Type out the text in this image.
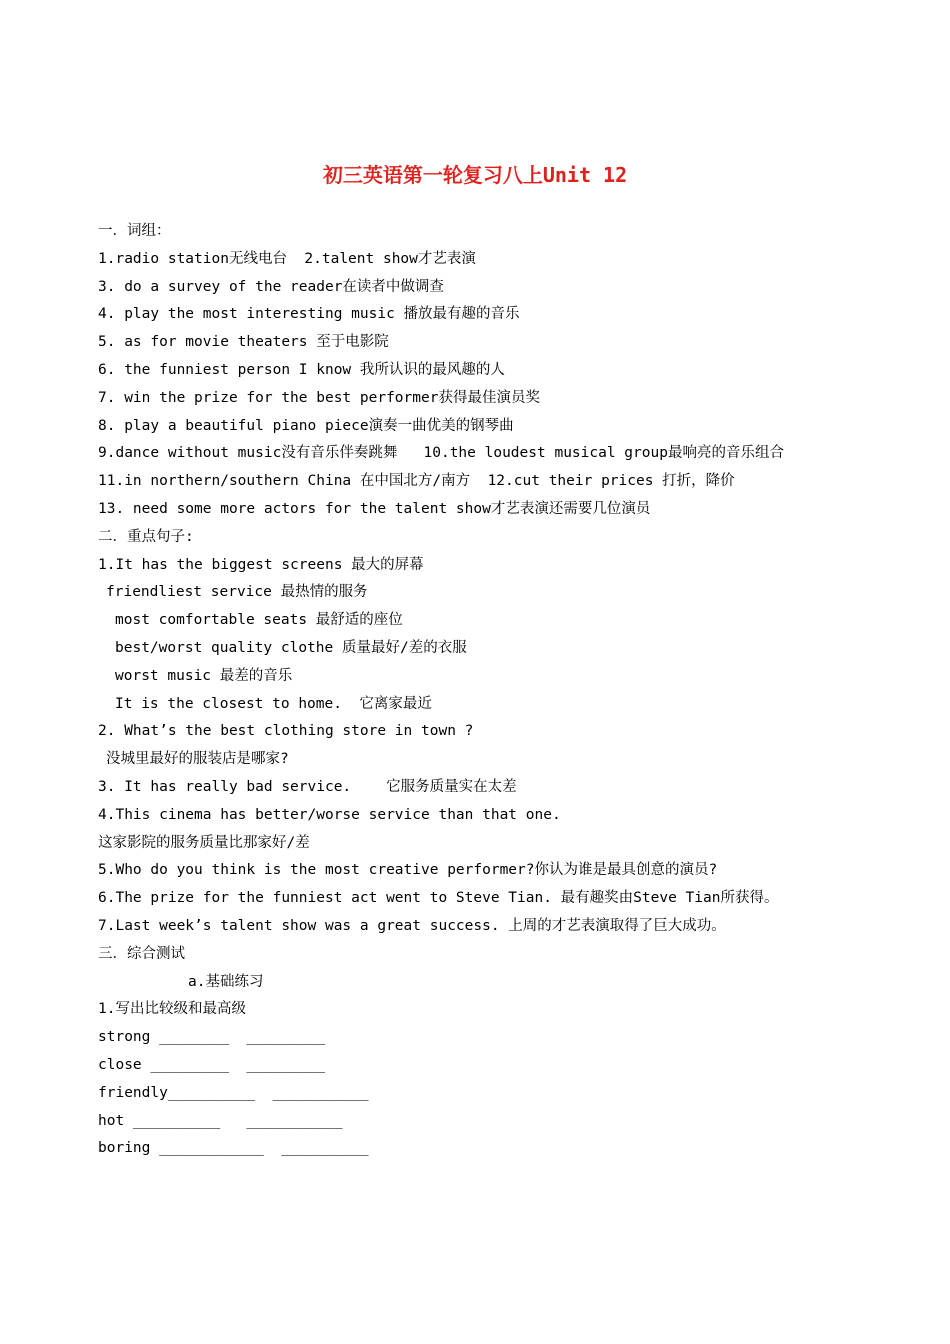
初三英语第一轮复习八上Unit 12
一．词组：
1.radio station无线电台  2.talent show才艺表演
3. do a survey of the reader在读者中做调查
4. play the most interesting music 播放最有趣的音乐
5. as for movie theaters 至于电影院
6. the funniest person I know 我所认识的最风趣的人
7. win the prize for the best performer获得最佳演员奖
8. play a beautiful piano piece演奏一曲优美的钢琴曲
9.dance without music没有音乐伴奏跳舞   10.the loudest musical group最响亮的音乐组合
11.in northern/southern China 在中国北方/南方  12.cut their prices 打折，降价
13. need some more actors for the talent show才艺表演还需要几位演员
二．重点句子:
1.It has the biggest screens 最大的屏幕
friendliest service 最热情的服务
most comfortable seats 最舒适的座位
best/worst quality clothe 质量最好/差的衣服
worst music 最差的音乐
It is the closest to home.  它离家最近
2. What’s the best clothing store in town ?
没城里最好的服装店是哪家?
3. It has really bad service.    它服务质量实在太差
4.This cinema has better/worse service than that one.
这家影院的服务质量比那家好/差
5.Who do you think is the most creative performer?你认为谁是最具创意的演员?
6.The prize for the funniest act went to Steve Tian. 最有趣奖由Steve Tian所获得。
7.Last week’s talent show was a great success. 上周的才艺表演取得了巨大成功。
三．综合测试
a.基础练习
1.写出比较级和最高级
strong ________  _________
close _________  _________
friendly__________  ___________
hot __________   ___________
boring ____________  __________
